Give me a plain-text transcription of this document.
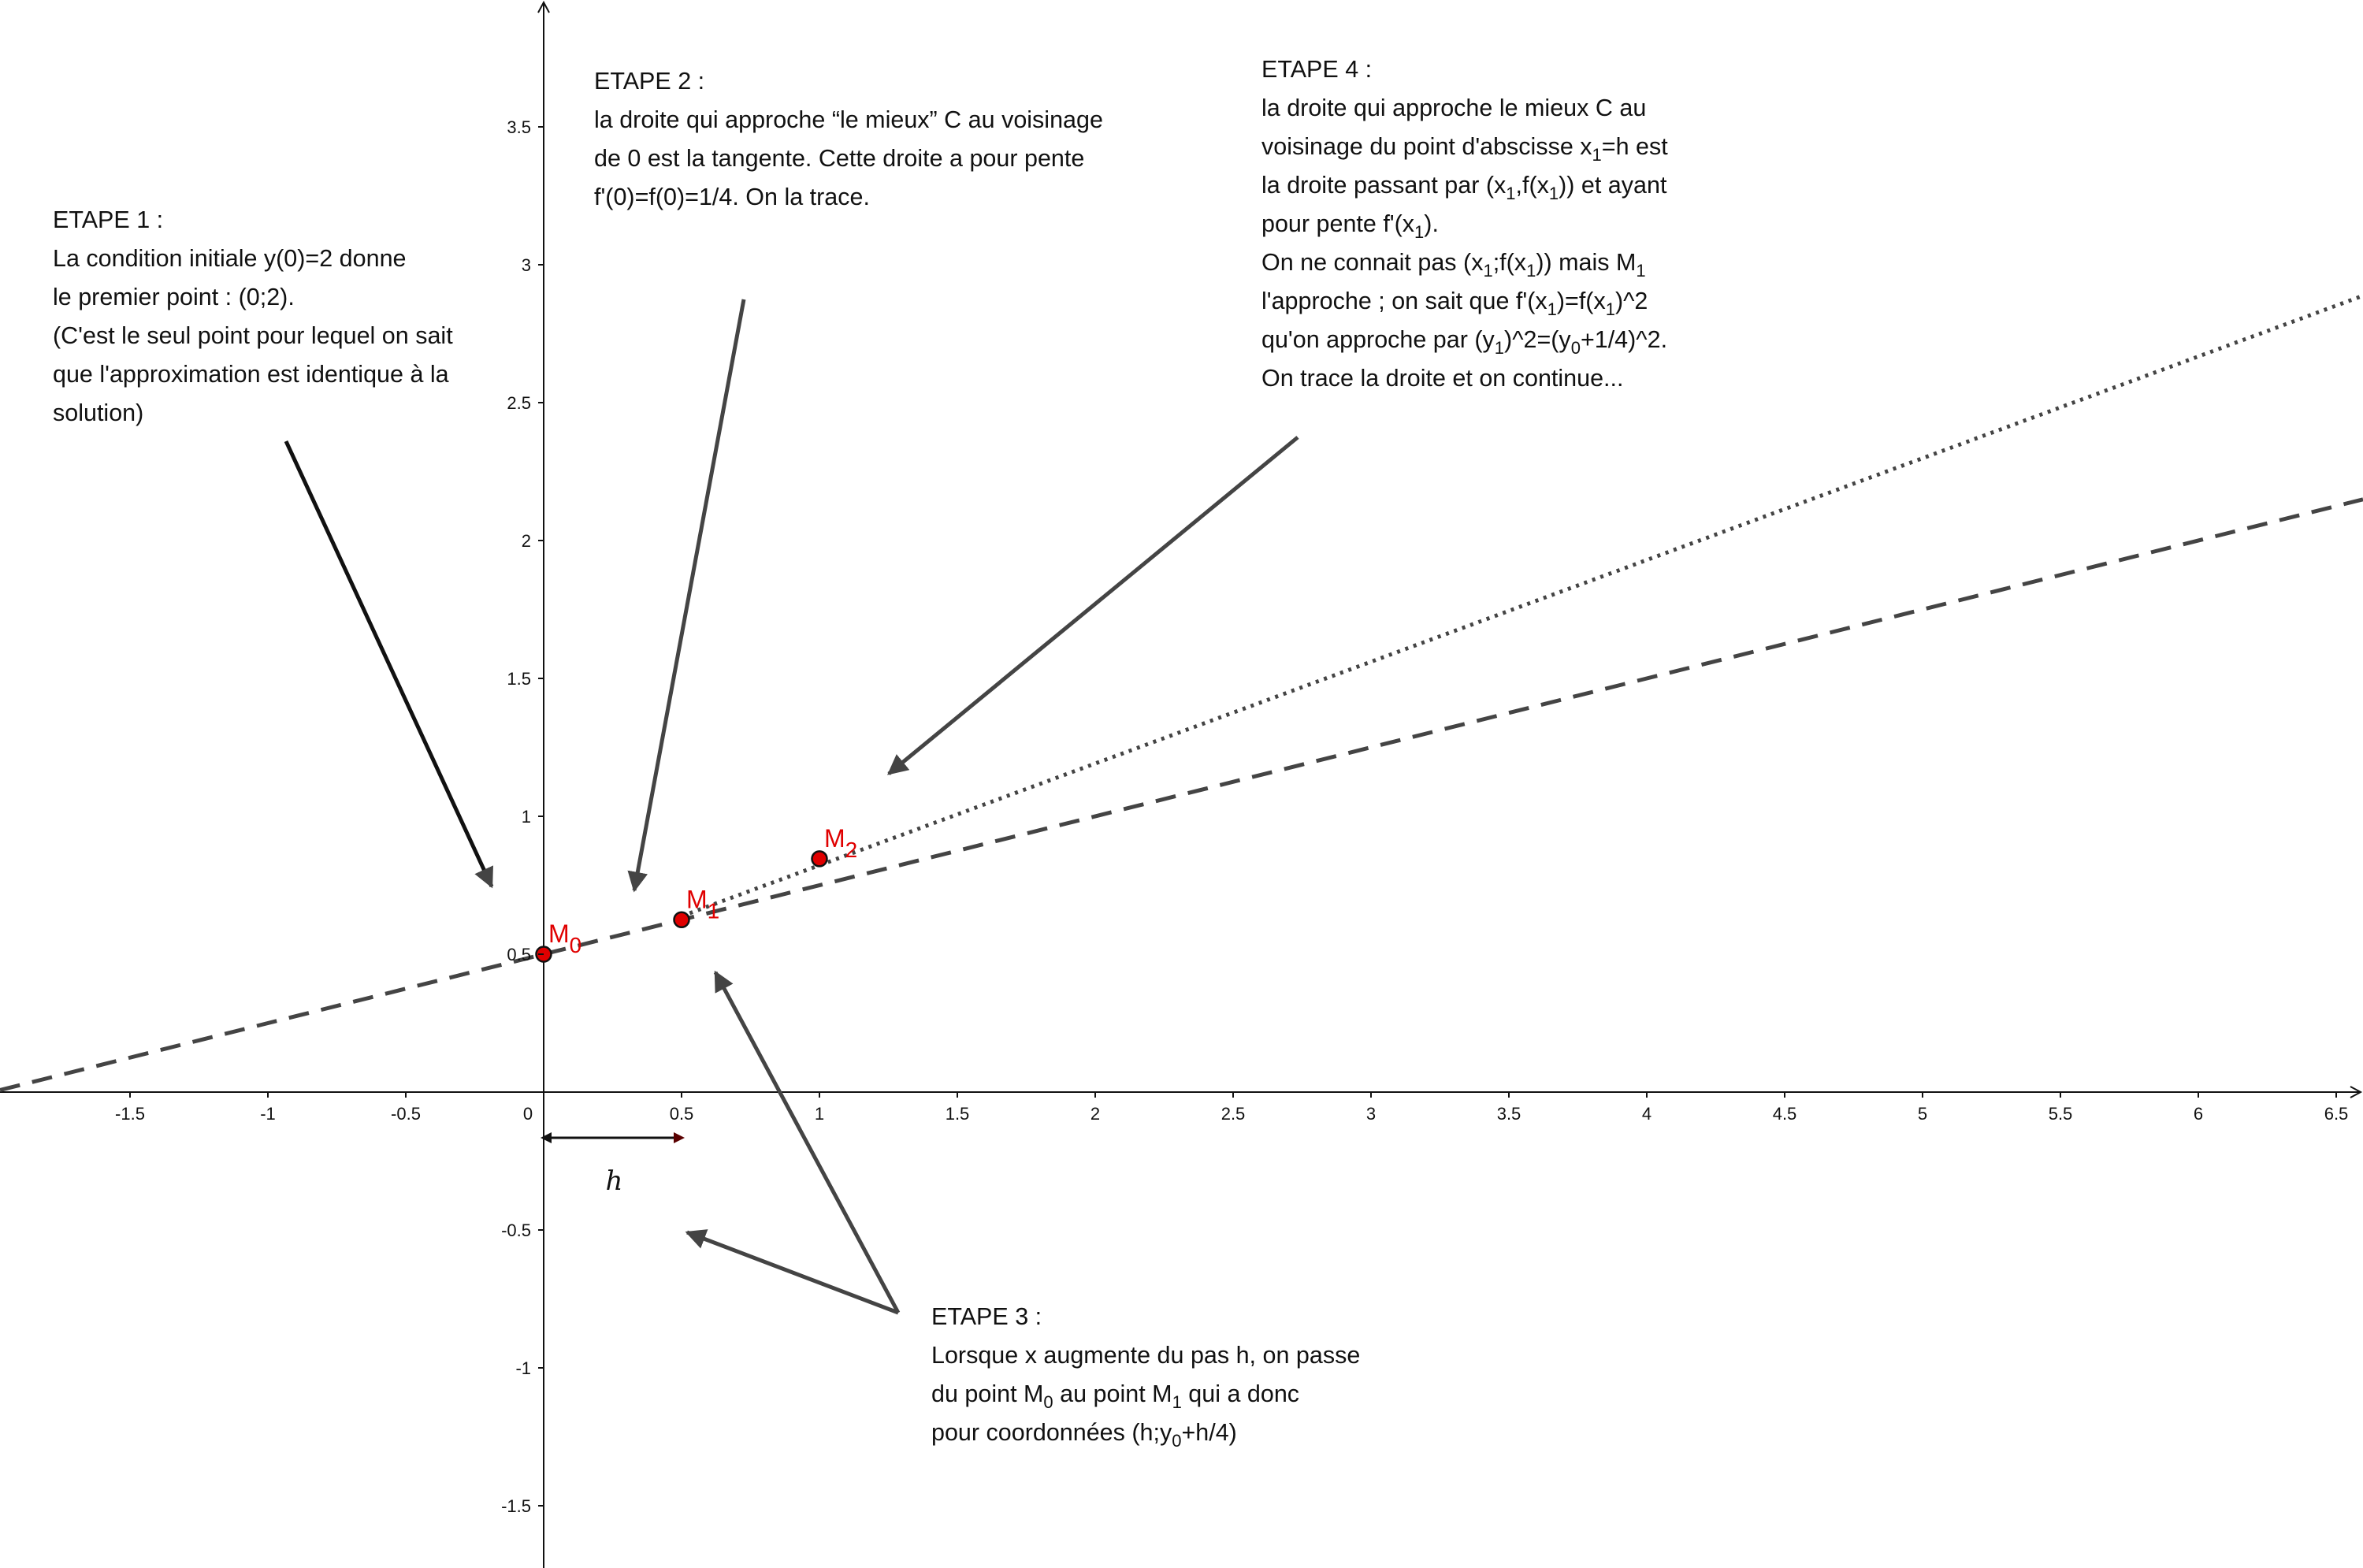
h
M0
M1
M2
-1.5	-1	-0.5	0	0.5	1	1.5	2	2.5	3	3.5	4	4.5	5	5.5	6	6.5
-1.5
-1
-0.5
0.5
1
1.5
2
2.5
3
3.5
ETAPE 1 :
La condition initiale y(0)=2 donne
le premier point : (0;2).
(C'est le seul point pour lequel on sait
que l'approximation est identique à la
solution)
ETAPE 2 :
la droite qui approche “le mieux” C au voisinage
de 0 est la tangente. Cette droite a pour pente
f'(0)=f(0)=1/4. On la trace.
ETAPE 3 :
Lorsque x augmente du pas h, on passe
du point $M_0$ au point $M_1$ qui a donc
pour coordonnées $(h;y_0+h/4)$
ETAPE 4 :
la droite qui approche le mieux C au
voisinage du point d'abscisse $x_1=h$ est
la droite passant par $(x_1,f(x_1))$ et ayant
pour pente $f'(x_1)$.
On ne connait pas $(x_1;f(x_1))$ mais $M_1$
l'approche ; on sait que $f'(x_1)=f(x_1)\^{}2$
qu'on approche par $(y_1)\^{}2=(y_0+1/4)\^{}2$.
On trace la droite et on continue...
